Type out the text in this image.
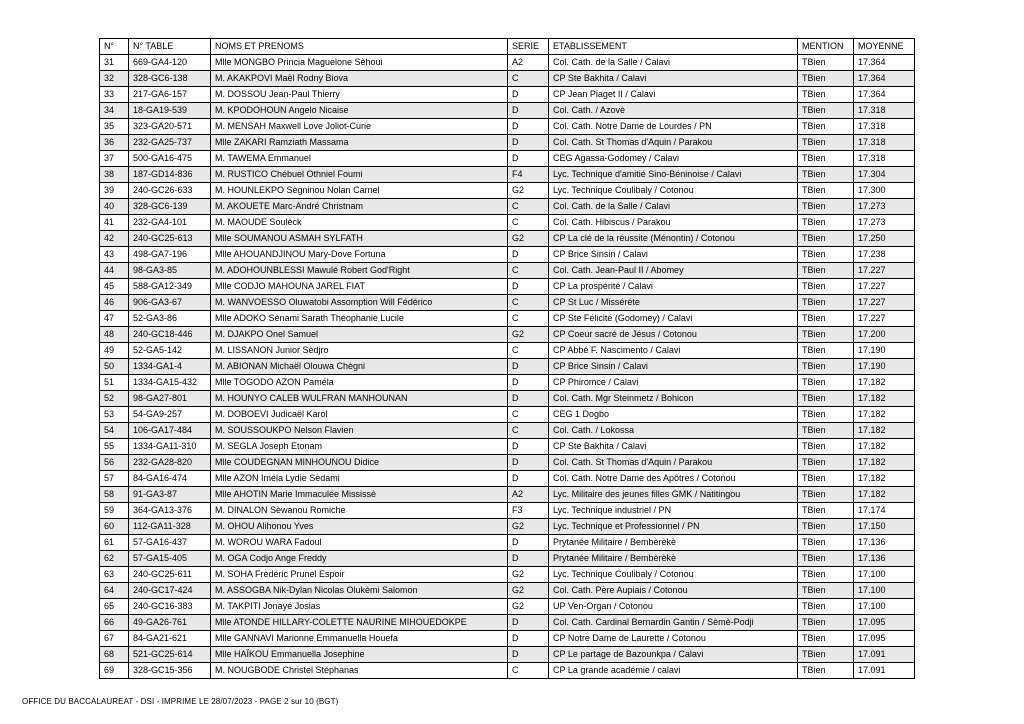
N°	N° TABLE	NOMS ET PRENOMS	SERIE	ETABLISSEMENT	MENTION	MOYENNE
31	669-GA4-120	Mlle MONGBO Princia Maguelone Sèhoui	A2	Col. Cath. de la Salle / Calavi	TBien	17.364
32	328-GC6-138	M. AKAKPOVI Maël Rodny Biova	C	CP Ste Bakhita / Calavi	TBien	17.364
33	217-GA6-157	M. DOSSOU Jean-Paul Thierry	D	CP Jean Piaget II / Calavi	TBien	17.364
34	18-GA19-539	M. KPODOHOUN Angelo Nicaise	D	Col. Cath. / Azovè	TBien	17.318
35	323-GA20-571	M. MENSAH Maxwell Love Joliot-Curie	D	Col. Cath. Notre Dame de Lourdes / PN	TBien	17.318
36	232-GA25-737	Mlle ZAKARI Ramziath Massama	D	Col. Cath. St Thomas d'Aquin / Parakou	TBien	17.318
37	500-GA16-475	M. TAWEMA Emmanuel	D	CEG Agassa-Godomey / Calavi	TBien	17.318
38	187-GD14-836	M. RUSTICO Chébuel Othniel Foumi	F4	Lyc. Technique d'amitié Sino-Béninoise / Calavi	TBien	17.304
39	240-GC26-633	M. HOUNLEKPO Sègninou Nolan Carnel	G2	Lyc. Technique Coulibaly / Cotonou	TBien	17.300
40	328-GC6-139	M. AKOUETE Marc-André Christnam	C	Col. Cath. de la Salle / Calavi	TBien	17.273
41	232-GA4-101	M. MAOUDE Souléck	C	Col. Cath. Hibiscus / Parakou	TBien	17.273
42	240-GC25-613	Mlle SOUMANOU ASMAH SYLFATH	G2	CP La clé de la réussite (Ménontin) / Cotonou	TBien	17.250
43	498-GA7-196	Mlle AHOUANDJINOU Mary-Dove Fortuna	D	CP Brice Sinsin / Calavi	TBien	17.238
44	98-GA3-85	M. ADOHOUNBLESSI Mawulé Robert God'Right	C	Col. Cath. Jean-Paul II / Abomey	TBien	17.227
45	588-GA12-349	Mlle CODJO MAHOUNA JAREL FIAT	D	CP La prospérité / Calavi	TBien	17.227
46	906-GA3-67	M. WANVOESSO Oluwatobi Assomption Will Fédérico	C	CP St Luc / Misséréte	TBien	17.227
47	52-GA3-86	Mlle ADOKO Sènami Sarath Théophanie Lucile	C	CP Ste Félicité (Godomey) / Calavi	TBien	17.227
48	240-GC18-446	M. DJAKPO Onel Samuel	G2	CP Coeur sacré de Jésus / Cotonou	TBien	17.200
49	52-GA5-142	M. LISSANON Junior Sèdjro	C	CP Abbé F. Nascimento / Calavi	TBien	17.190
50	1334-GA1-4	M. ABIONAN Michaël Olouwa Chègni	D	CP Brice Sinsin / Calavi	TBien	17.190
51	1334-GA15-432	Mlle TOGODO AZON Paméla	D	CP Phiromce / Calavi	TBien	17.182
52	98-GA27-801	M. HOUNYO CALEB WULFRAN MANHOUNAN	D	Col. Cath. Mgr Steinmetz / Bohicon	TBien	17.182
53	54-GA9-257	M. DOBOEVI Judicaël Karol	C	CEG 1 Dogbo	TBien	17.182
54	106-GA17-484	M. SOUSSOUKPO Nelson Flavien	C	Col. Cath. / Lokossa	TBien	17.182
55	1334-GA11-310	M. SEGLA Joseph Etonam	D	CP Ste Bakhita / Calavi	TBien	17.182
56	232-GA28-820	Mlle COUDEGNAN MINHOUNOU Didice	D	Col. Cath. St Thomas d'Aquin / Parakou	TBien	17.182
57	84-GA16-474	Mlle AZON Iméla Lydie Sèdami	D	Col. Cath. Notre Dame des Apôtres / Cotonou	TBien	17.182
58	91-GA3-87	Mlle AHOTIN Marie Immaculée Mississè	A2	Lyc. Militaire des jeunes filles GMK / Natitingou	TBien	17.182
59	364-GA13-376	M. DINALON Sèwanou Romiche	F3	Lyc. Technique industriel / PN	TBien	17.174
60	112-GA11-328	M. OHOU Alihonou Yves	G2	Lyc. Technique et Professionnel / PN	TBien	17.150
61	57-GA16-437	M. WOROU WARA Fadoul	D	Prytanée Militaire / Bembèrèkè	TBien	17.136
62	57-GA15-405	M. OGA Codjo Ange Freddy	D	Prytanée Militaire / Bembèrèkè	TBien	17.136
63	240-GC25-611	M. SOHA Frédéric Prunel Espoir	G2	Lyc. Technique Coulibaly / Cotonou	TBien	17.100
64	240-GC17-424	M. ASSOGBA Nik-Dylan Nicolas Olukèmi Salomon	G2	Col. Cath. Père Aupiais / Cotonou	TBien	17.100
65	240-GC16-383	M. TAKPITI Jonayé Josias	G2	UP Ven-Organ / Cotonou	TBien	17.100
66	49-GA26-761	Mlle ATONDE HILLARY-COLETTE NAURINE MIHOUEDOKPE	D	Col. Cath. Cardinal Bernardin Gantin / Sèmè-Podji	TBien	17.095
67	84-GA21-621	Mlle GANNAVI Marionne Emmanuella Houefa	D	CP Notre Dame de Laurette / Cotonou	TBien	17.095
68	521-GC25-614	Mlle HAÏKOU Emmanuella Josephine	D	CP Le partage de Bazounkpa / Calavi	TBien	17.091
69	328-GC15-356	M. NOUGBODE Christel Stéphanas	C	CP La grande académie / calavi	TBien	17.091
OFFICE DU BACCALAUREAT - DSI - IMPRIME LE 28/07/2023 - PAGE 2 sur 10 (BGT)
